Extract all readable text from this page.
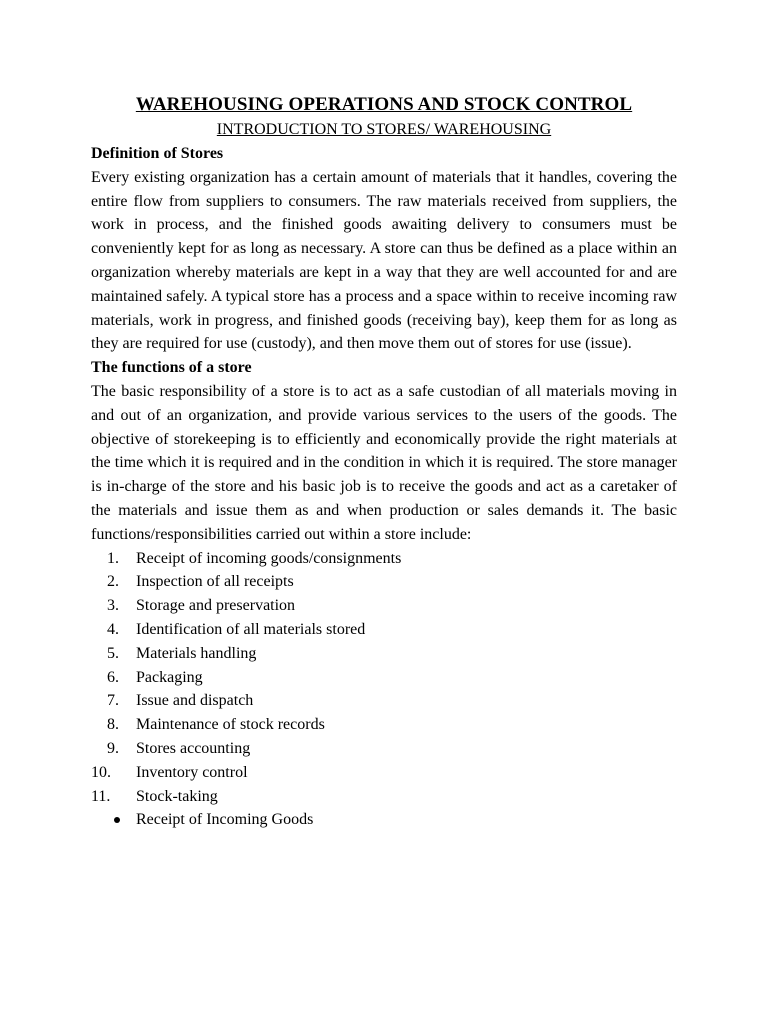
WAREHOUSING OPERATIONS AND STOCK CONTROL

INTRODUCTION TO STORES/ WAREHOUSING

Definition of Stores

Every existing organization has a certain amount of materials that it handles, covering the entire flow from suppliers to consumers. The raw materials received from suppliers, the work in process, and the finished goods awaiting delivery to consumers must be conveniently kept for as long as necessary. A store can thus be defined as a place within an organization whereby materials are kept in a way that they are well accounted for and are maintained safely. A typical store has a process and a space within to receive incoming raw materials, work in progress, and finished goods (receiving bay), keep them for as long as they are required for use (custody), and then move them out of stores for use (issue).

The functions of a store

The basic responsibility of a store is to act as a safe custodian of all materials moving in and out of an organization, and provide various services to the users of the goods. The objective of storekeeping is to efficiently and economically provide the right materials at the time which it is required and in the condition in which it is required. The store manager is in-charge of the store and his basic job is to receive the goods and act as a caretaker of the materials and issue them as and when production or sales demands it. The basic functions/responsibilities carried out within a store include:

1. Receipt of incoming goods/consignments
2. Inspection of all receipts
3. Storage and preservation
4. Identification of all materials stored
5. Materials handling
6. Packaging
7. Issue and dispatch
8. Maintenance of stock records
9. Stores accounting
10. Inventory control
11. Stock-taking
Receipt of Incoming Goods
